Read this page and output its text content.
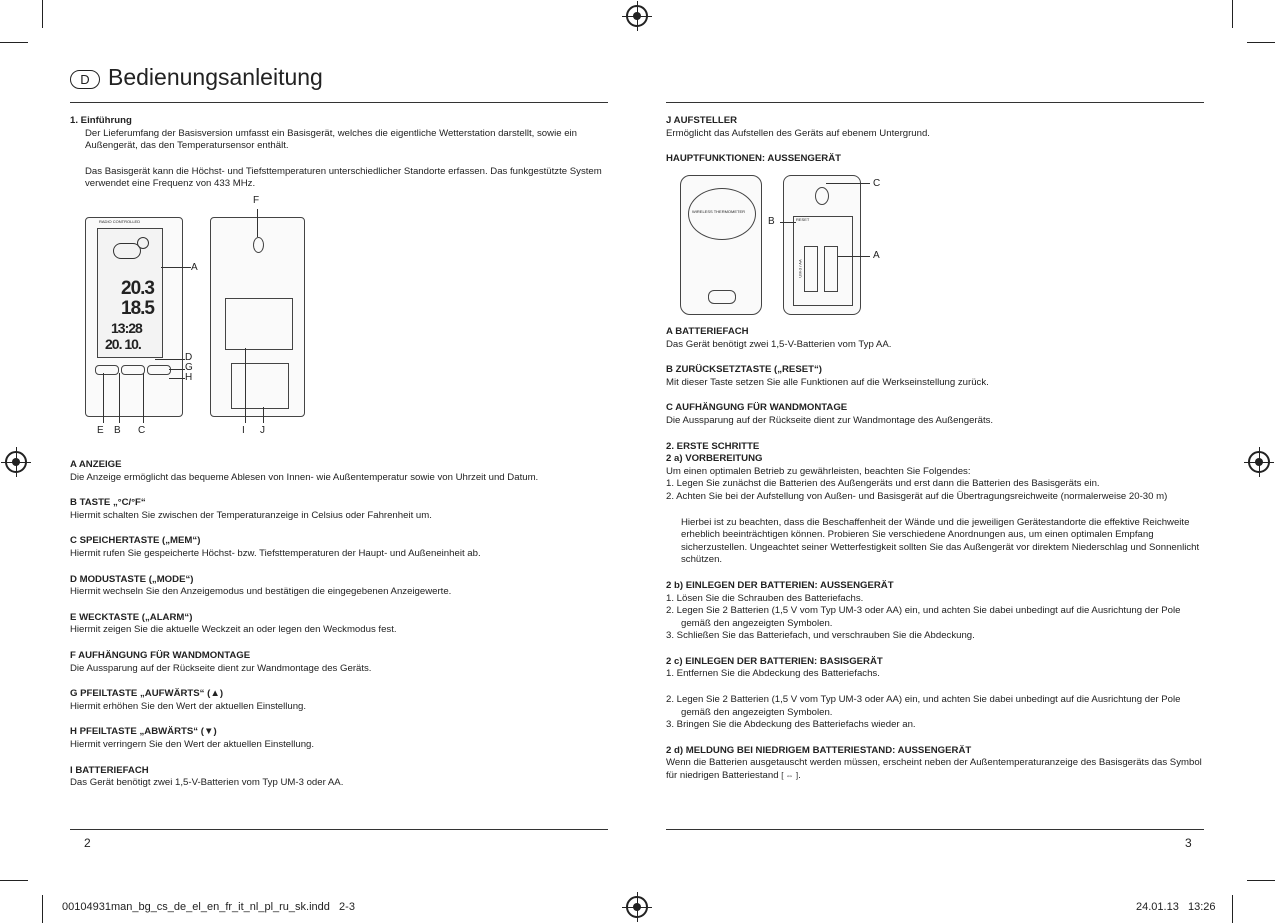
D Bedienungsanleitung
1. Einführung
Der Lieferumfang der Basisversion umfasst ein Basisgerät, welches die eigentliche Wetterstation darstellt, sowie ein Außengerät, das den Temperatursensor enthält.
Das Basisgerät kann die Höchst- und Tiefsttemperaturen unterschiedlicher Standorte erfassen. Das funkgestützte System verwendet eine Frequenz von 433 MHz.
RADIO CONTROLLED
20.3
18.5
13:28
20. 10.
A
D
G
H
E B C
F
I J
A ANZEIGE
Die Anzeige ermöglicht das bequeme Ablesen von Innen- wie Außentemperatur sowie von Uhrzeit und Datum.
B TASTE „°C/°F“
Hiermit schalten Sie zwischen der Temperaturanzeige in Celsius oder Fahrenheit um.
C SPEICHERTASTE („MEM“)
Hiermit rufen Sie gespeicherte Höchst- bzw. Tiefsttemperaturen der Haupt- und Außeneinheit ab.
D MODUSTASTE („MODE“)
Hiermit wechseln Sie den Anzeigemodus und bestätigen die eingegebenen Anzeigewerte.
E WECKTASTE („ALARM“)
Hiermit zeigen Sie die aktuelle Weckzeit an oder legen den Weckmodus fest.
F AUFHÄNGUNG FÜR WANDMONTAGE
Die Aussparung auf der Rückseite dient zur Wandmontage des Geräts.
G PFEILTASTE „AUFWÄRTS“ (▲)
Hiermit erhöhen Sie den Wert der aktuellen Einstellung.
H PFEILTASTE „ABWÄRTS“ (▼)
Hiermit verringern Sie den Wert der aktuellen Einstellung.
I BATTERIEFACH
Das Gerät benötigt zwei 1,5-V-Batterien vom Typ UM-3 oder AA.
2
J AUFSTELLER
Ermöglicht das Aufstellen des Geräts auf ebenem Untergrund.
HAUPTFUNKTIONEN: AUSSENGERÄT
WIRELESS THERMOMETER
RESET
UM-3 / AA
C
B
A
A BATTERIEFACH
Das Gerät benötigt zwei 1,5-V-Batterien vom Typ AA.
B ZURÜCKSETZTASTE („RESET“)
Mit dieser Taste setzen Sie alle Funktionen auf die Werkseinstellung zurück.
C AUFHÄNGUNG FÜR WANDMONTAGE
Die Aussparung auf der Rückseite dient zur Wandmontage des Außengeräts.
2. ERSTE SCHRITTE
2 a) VORBEREITUNG
Um einen optimalen Betrieb zu gewährleisten, beachten Sie Folgendes:
1. Legen Sie zunächst die Batterien des Außengeräts und erst dann die Batterien des Basisgeräts ein.
2. Achten Sie bei der Aufstellung von Außen- und Basisgerät auf die Übertragungsreichweite (normalerweise 20-30 m)
Hierbei ist zu beachten, dass die Beschaffenheit der Wände und die jeweiligen Gerätestandorte die effektive Reichweite erheblich beeinträchtigen können. Probieren Sie verschiedene Anordnungen aus, um einen optimalen Empfang sicherzustellen. Ungeachtet seiner Wetterfestigkeit sollten Sie das Außengerät vor direktem Niederschlag und Sonnenlicht schützen.
2 b) EINLEGEN DER BATTERIEN: AUSSENGERÄT
1. Lösen Sie die Schrauben des Batteriefachs.
2. Legen Sie 2 Batterien (1,5 V vom Typ UM-3 oder AA) ein, und achten Sie dabei unbedingt auf die Ausrichtung der Pole gemäß den angezeigten Symbolen.
3. Schließen Sie das Batteriefach, und verschrauben Sie die Abdeckung.
2 c) EINLEGEN DER BATTERIEN: BASISGERÄT
1. Entfernen Sie die Abdeckung des Batteriefachs.
2. Legen Sie 2 Batterien (1,5 V vom Typ UM-3 oder AA) ein, und achten Sie dabei unbedingt auf die Ausrichtung der Pole gemäß den angezeigten Symbolen.
3. Bringen Sie die Abdeckung des Batteriefachs wieder an.
2 d) MELDUNG BEI NIEDRIGEM BATTERIESTAND: AUSSENGERÄT
Wenn die Batterien ausgetauscht werden müssen, erscheint neben der Außentemperaturanzeige des Basisgeräts das Symbol für niedrigen Batteriestand [ ⇔ ].
3
00104931man_bg_cs_de_el_en_fr_it_nl_pl_ru_sk.indd   2-3	24.01.13   13:26
